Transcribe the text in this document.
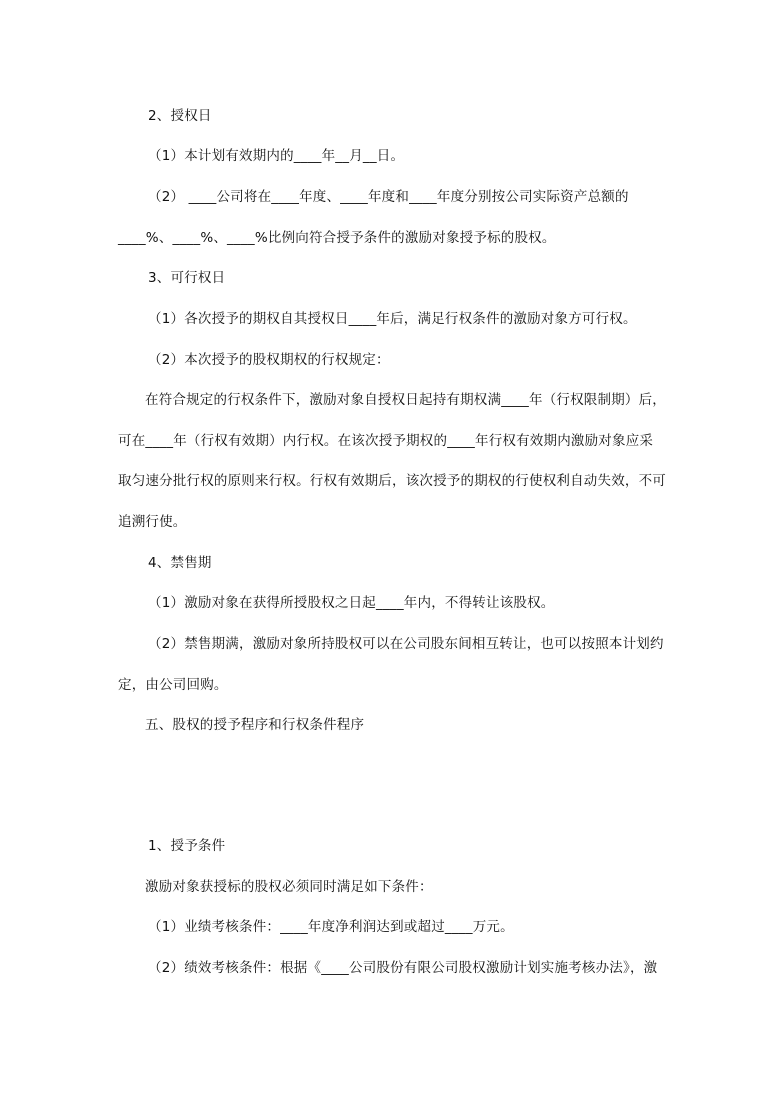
2、授权日
（1）本计划有效期内的____年__月__日。
（2） ____公司将在____年度、____年度和____年度分别按公司实际资产总额的
____%、____%、____%比例向符合授予条件的激励对象授予标的股权。
3、可行权日
（1）各次授予的期权自其授权日____年后，满足行权条件的激励对象方可行权。
（2）本次授予的股权期权的行权规定：
在符合规定的行权条件下，激励对象自授权日起持有期权满____年（行权限制期）后，
可在____年（行权有效期）内行权。在该次授予期权的____年行权有效期内激励对象应采
取匀速分批行权的原则来行权。行权有效期后，该次授予的期权的行使权利自动失效，不可
追溯行使。
4、禁售期
（1）激励对象在获得所授股权之日起____年内，不得转让该股权。
（2）禁售期满，激励对象所持股权可以在公司股东间相互转让，也可以按照本计划约
定，由公司回购。
五、股权的授予程序和行权条件程序
1、授予条件
激励对象获授标的股权必须同时满足如下条件：
（1）业绩考核条件：____年度净利润达到或超过____万元。
（2）绩效考核条件：根据《____公司股份有限公司股权激励计划实施考核办法》，激
